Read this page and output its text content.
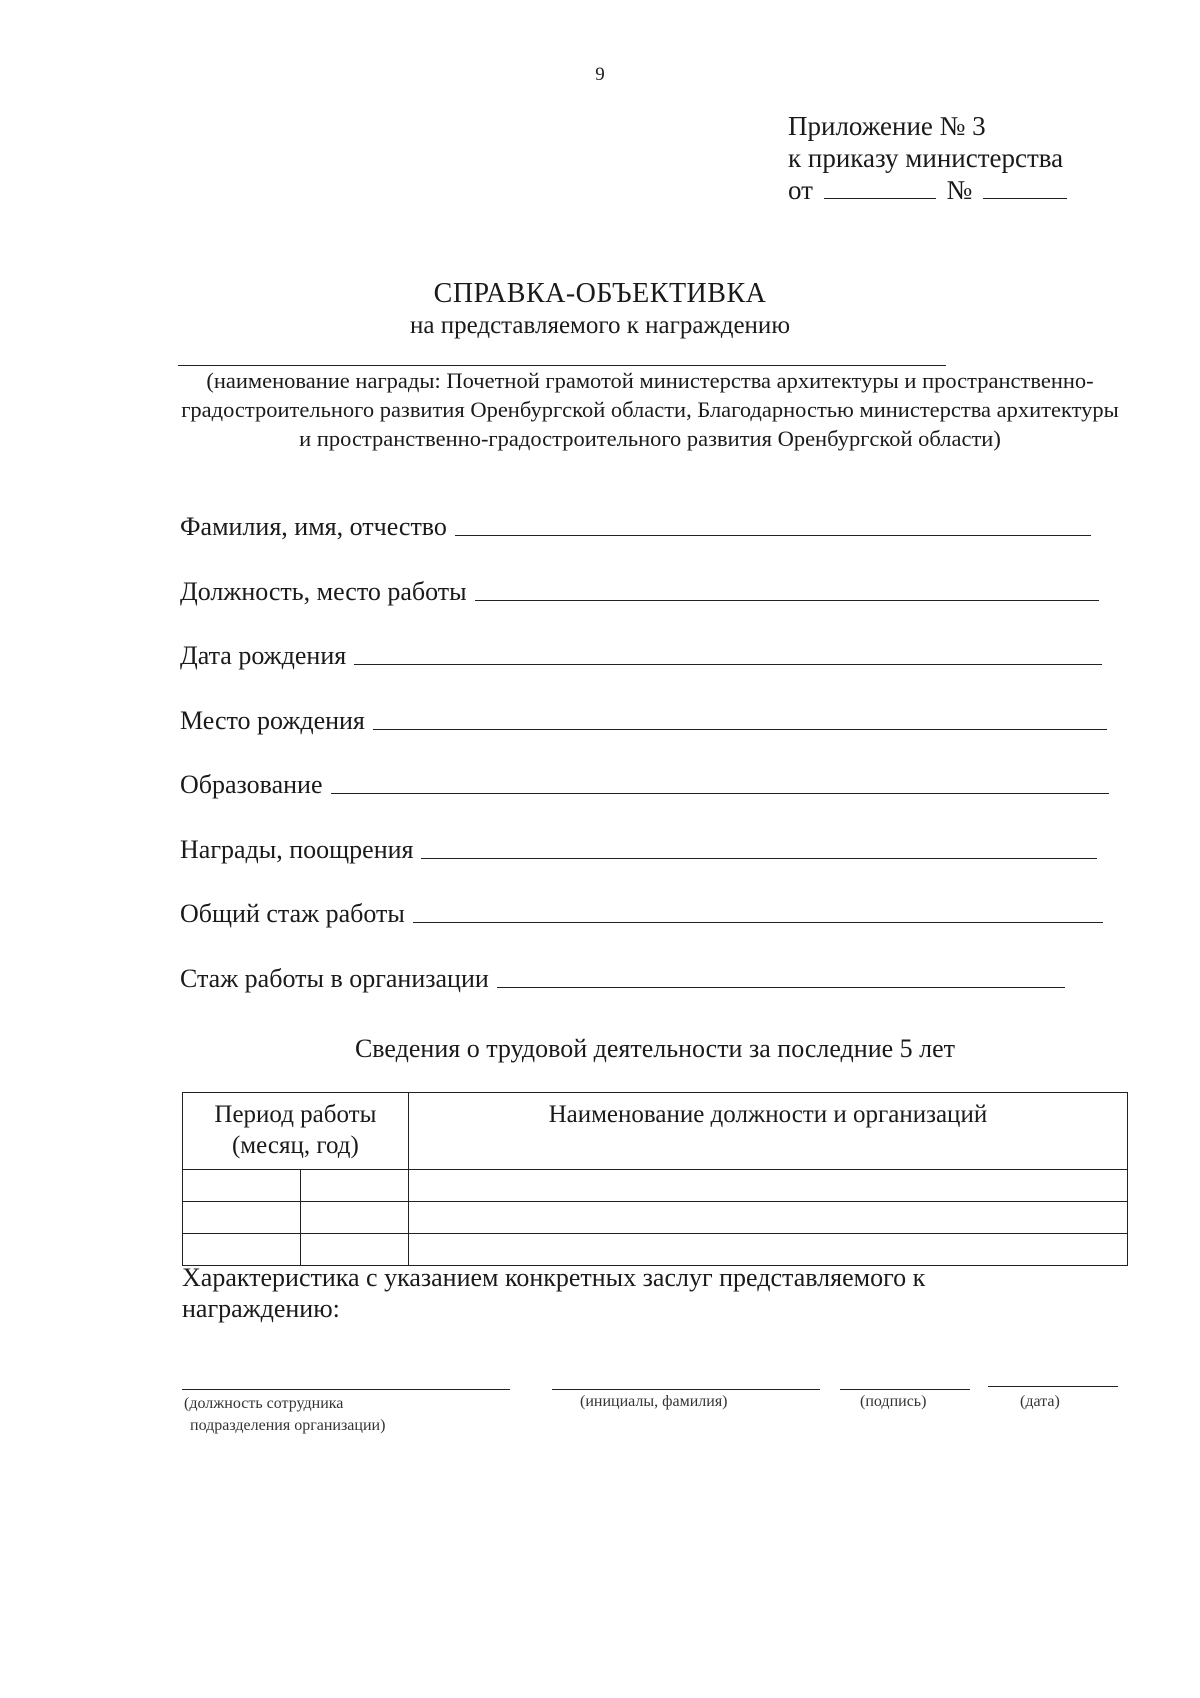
9
Приложение № 3
к приказу министерства
от	№
СПРАВКА-ОБЪЕКТИВКА
на представляемого к награждению
(наименование награды: Почетной грамотой министерства архитектуры и пространственно-градостроительного развития Оренбургской области, Благодарностью министерства архитектуры и пространственно-градостроительного развития Оренбургской области)
Фамилия, имя, отчество
Должность, место работы
Дата рождения
Место рождения
Образование
Награды, поощрения
Общий стаж работы
Стаж работы в организации
Сведения о трудовой деятельности за последние 5 лет
Период работы (месяц, год)		Наименование должности и организаций

Характеристика с указанием конкретных заслуг представляемого к награждению:
(должность сотрудника
подразделения организации)
(инициалы, фамилия)	(подпись)	(дата)
